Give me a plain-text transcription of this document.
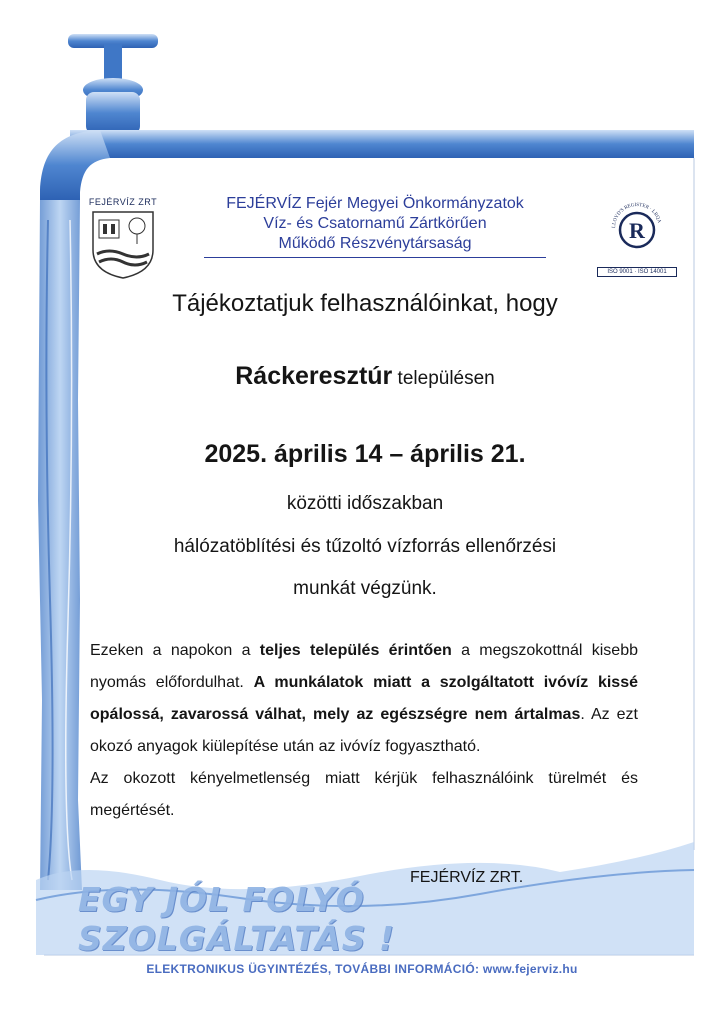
FEJÉRVÍZ ZRT	FEJÉRVÍZ Fejér Megyei Önkormányzatok
Víz- és Csatornamű Zártkörűen
Működő Részvénytársaság
LLOYD'S REGISTER · LRQA
R
ISO 9001 · ISO 14001
Tájékoztatjuk felhasználóinkat, hogy
Ráckeresztúr településen
2025. április 14 – április 21.
közötti időszakban
hálózatöblítési és tűzoltó vízforrás ellenőrzési
munkát végzünk.

Ezeken a napokon a teljes település érintően a megszokottnál kisebb nyomás előfordulhat. A munkálatok miatt a szolgáltatott ivóvíz kissé opálossá, zavarossá válhat, mely az egészségre nem ártalmas. Az ezt okozó anyagok kiülepítése után az ivóvíz fogyasztható.

Az okozott kényelmetlenség miatt kérjük felhasználóink türelmét és megértését.

FEJÉRVÍZ ZRT.
EGY JÓL FOLYÓ SZOLGÁLTATÁS !
ELEKTRONIKUS ÜGYINTÉZÉS, TOVÁBBI INFORMÁCIÓ: www.fejerviz.hu
